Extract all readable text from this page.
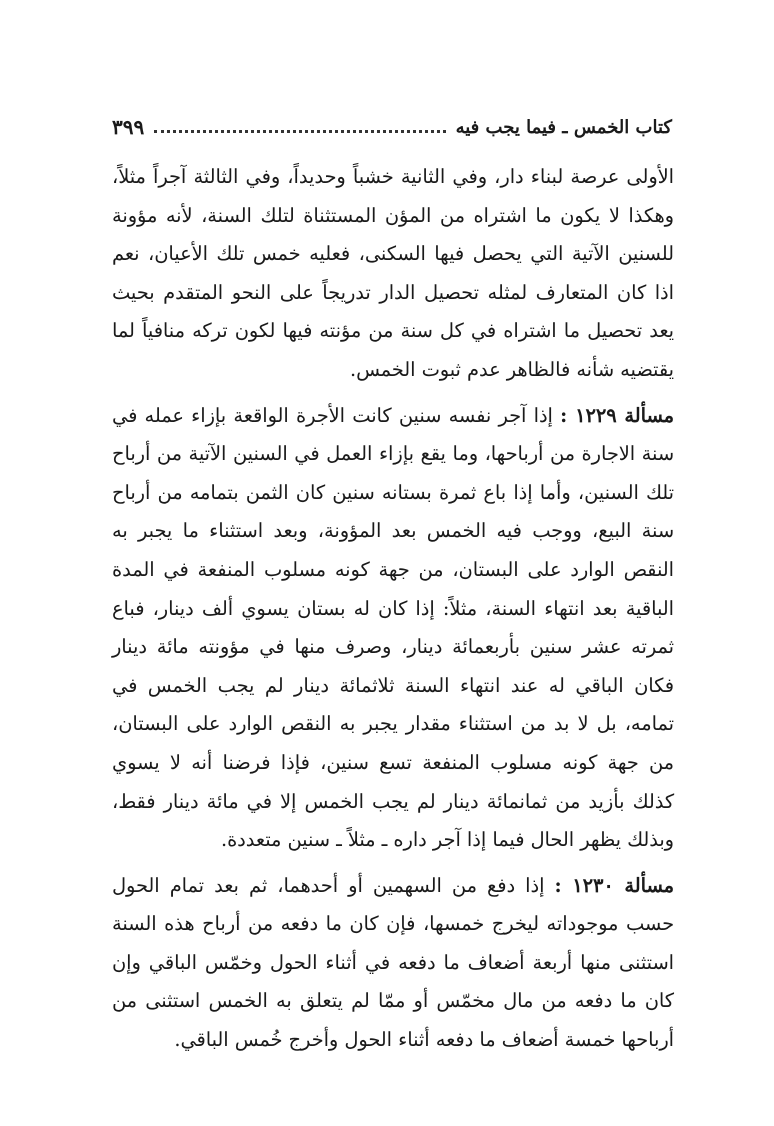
كتاب الخمس ـ فيما يجب فيه
٣٩٩

الأولى عرصة لبناء دار، وفي الثانية خشباً وحديداً، وفي الثالثة آجراً مثلاً، وهكذا لا يكون ما اشتراه من المؤن المستثناة لتلك السنة، لأنه مؤونة للسنين الآتية التي يحصل فيها السكنى، فعليه خمس تلك الأعيان، نعم اذا كان المتعارف لمثله تحصيل الدار تدريجاً على النحو المتقدم بحيث يعد تحصيل ما اشتراه في كل سنة من مؤنته فيها لكون تركه منافياً لما يقتضيه شأنه فالظاهر عدم ثبوت الخمس.

مسألة ١٢٢٩ : إذا آجر نفسه سنين كانت الأجرة الواقعة بإزاء عمله في سنة الاجارة من أرباحها، وما يقع بإزاء العمل في السنين الآتية من أرباح تلك السنين، وأما إذا باع ثمرة بستانه سنين كان الثمن بتمامه من أرباح سنة البيع، ووجب فيه الخمس بعد المؤونة، وبعد استثناء ما يجبر به النقص الوارد على البستان، من جهة كونه مسلوب المنفعة في المدة الباقية بعد انتهاء السنة، مثلاً: إذا كان له بستان يسوي ألف دينار، فباع ثمرته عشر سنين بأربعمائة دينار، وصرف منها في مؤونته مائة دينار فكان الباقي له عند انتهاء السنة ثلاثمائة دينار لم يجب الخمس في تمامه، بل لا بد من استثناء مقدار يجبر به النقص الوارد على البستان، من جهة كونه مسلوب المنفعة تسع سنين، فإذا فرضنا أنه لا يسوي كذلك بأزيد من ثمانمائة دينار لم يجب الخمس إلا في مائة دينار فقط، وبذلك يظهر الحال فيما إذا آجر داره ـ مثلاً ـ سنين متعددة.

مسألة ١٢٣٠ : إذا دفع من السهمين أو أحدهما، ثم بعد تمام الحول حسب موجوداته ليخرج خمسها، فإن كان ما دفعه من أرباح هذه السنة استثنى منها أربعة أضعاف ما دفعه في أثناء الحول وخمّس الباقي وإن كان ما دفعه من مال مخمّس أو ممّا لم يتعلق به الخمس استثنى من أرباحها خمسة أضعاف ما دفعه أثناء الحول وأخرج خُمس الباقي.
